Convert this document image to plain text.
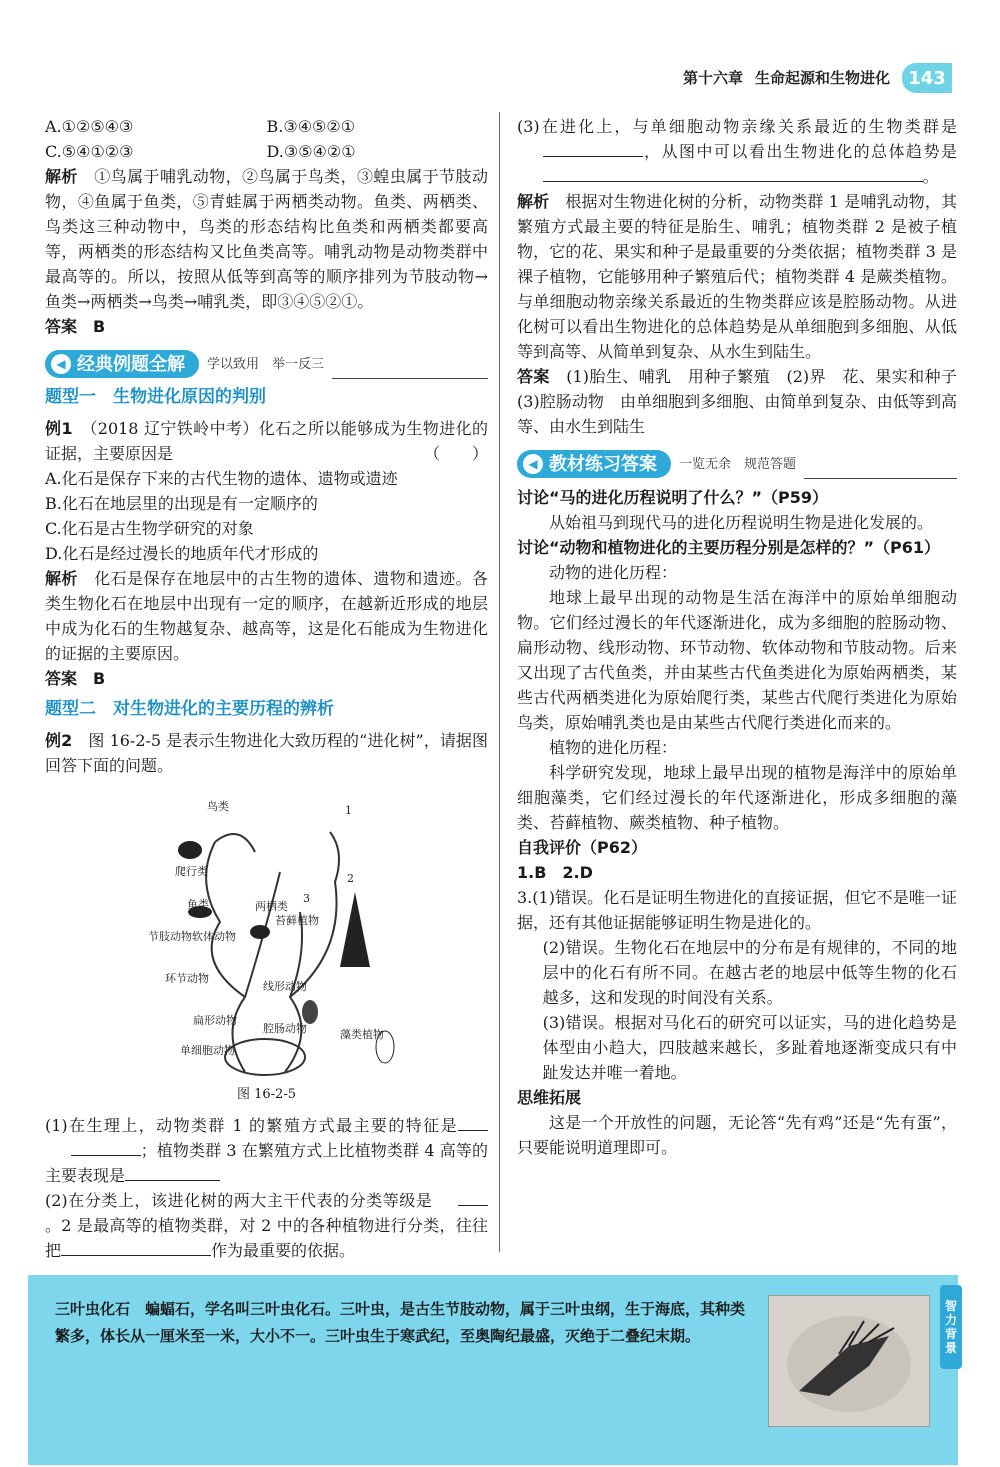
第十六章 生命起源和生物进化	143
A.①②⑤④③	B.③④⑤②①
C.⑤④①②③	D.③⑤④②①

解析　 ①鸟属于哺乳动物，②鸟属于鸟类，③蝗虫属于节肢动物，④鱼属于鱼类，⑤青蛙属于两栖类动物。鱼类、两栖类、鸟类这三种动物中，鸟类的形态结构比鱼类和两栖类都要高等，两栖类的形态结构又比鱼类高等。哺乳动物是动物类群中最高等的。所以，按照从低等到高等的顺序排列为节肢动物→鱼类→两栖类→鸟类→哺乳类，即③④⑤②①。

答案　 B

◀ 经典例题全解 学以致用　举一反三
题型一　生物进化原因的判别

例1　 （2018 辽宁铁岭中考）化石之所以能够成为生物进化的证据，主要原因是	（　　）

A.化石是保存下来的古代生物的遗体、遗物或遗迹
B.化石在地层里的出现是有一定顺序的
C.化石是古生物学研究的对象
D.化石是经过漫长的地质年代才形成的

解析　 化石是保存在地层中的古生物的遗体、遗物和遗迹。各类生物化石在地层中出现有一定的顺序，在越新近形成的地层中成为化石的生物越复杂、越高等，这是化石能成为生物进化的证据的主要原因。

答案　 B

题型二　对生物进化的主要历程的辨析

例2　 图 16-2-5 是表示生物进化大致历程的“进化树”，请据图回答下面的问题。

鸟类
爬行类
鱼类	两栖类
苔藓植物
节肢动物软体动物
环节动物
线形动物
扁形动物
腔肠动物	藻类植物
单细胞动物
1
2
3
4
图 16-2-5

(1)在生理上，动物类群 1 的繁殖方式最主要的特征是；植物类群 3 在繁殖方式上比植物类群 4 高等的主要表现是

(2)在分类上，该进化树的两大主干代表的分类等级是。2 是最高等的植物类群，对 2 中的各种植物进行分类，往往把	作为最重要的依据。

(3)在进化上，与单细胞动物亲缘关系最近的生物类群是，从图中可以看出生物进化的总体趋势是。

解析　 根据对生物进化树的分析，动物类群 1 是哺乳动物，其繁殖方式最主要的特征是胎生、哺乳；植物类群 2 是被子植物，它的花、果实和种子是最重要的分类依据；植物类群 3 是裸子植物，它能够用种子繁殖后代；植物类群 4 是蕨类植物。与单细胞动物亲缘关系最近的生物类群应该是腔肠动物。从进化树可以看出生物进化的总体趋势是从单细胞到多细胞、从低等到高等、从简单到复杂、从水生到陆生。

答案　 (1)胎生、哺乳　用种子繁殖　(2)界　花、果实和种子　(3)腔肠动物　由单细胞到多细胞、由简单到复杂、由低等到高等、由水生到陆生

◀ 教材练习答案 一览无余　规范答题
讨论“马的进化历程说明了什么？”（P59）

从始祖马到现代马的进化历程说明生物是进化发展的。

讨论“动物和植物进化的主要历程分别是怎样的？”（P61）

动物的进化历程：

地球上最早出现的动物是生活在海洋中的原始单细胞动物。它们经过漫长的年代逐渐进化，成为多细胞的腔肠动物、扁形动物、线形动物、环节动物、软体动物和节肢动物。后来又出现了古代鱼类，并由某些古代鱼类进化为原始两栖类，某些古代两栖类进化为原始爬行类，某些古代爬行类进化为原始鸟类，原始哺乳类也是由某些古代爬行类进化而来的。

植物的进化历程：

科学研究发现，地球上最早出现的植物是海洋中的原始单细胞藻类，它们经过漫长的年代逐渐进化，形成多细胞的藻类、苔藓植物、蕨类植物、种子植物。

自我评价（P62）
1.B　2.D

3.(1)错误。化石是证明生物进化的直接证据，但它不是唯一证据，还有其他证据能够证明生物是进化的。

(2)错误。生物化石在地层中的分布是有规律的，不同的地层中的化石有所不同。在越古老的地层中低等生物的化石越多，这和发现的时间没有关系。

(3)错误。根据对马化石的研究可以证实，马的进化趋势是体型由小趋大，四肢越来越长，多趾着地逐渐变成只有中趾发达并唯一着地。

思维拓展

这是一个开放性的问题，无论答“先有鸡”还是“先有蛋”，只要能说明道理即可。

智力背景
三叶虫化石　 蝙蝠石，学名叫三叶虫化石。三叶虫，是古生节肢动物，属于三叶虫纲，生于海底，其种类繁多，体长从一厘米至一米，大小不一。三叶虫生于寒武纪，至奥陶纪最盛，灭绝于二叠纪末期。
